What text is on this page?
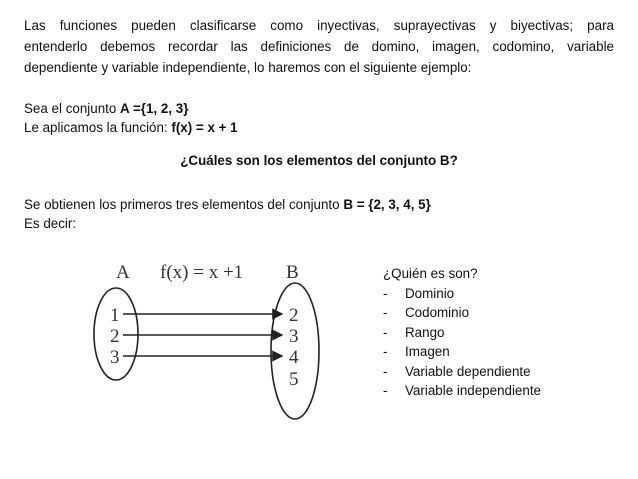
Las funciones pueden clasificarse como inyectivas, suprayectivas y biyectivas; para
entenderlo debemos recordar las definiciones de domino, imagen, codomino, variable
dependiente y variable independiente, lo haremos con el siguiente ejemplo:
Sea el conjunto A ={1, 2, 3}
Le aplicamos la función: f(x) = x + 1
¿Cuáles son los elementos del conjunto B?
Se obtienen los primeros tres elementos del conjunto B = {2, 3, 4, 5}
Es decir:
A f(x) = x +1 B
1
2
3
2
3
4
5
¿Quién es son?
- Dominio
- Codominio
- Rango
- Imagen
- Variable dependiente
- Variable independiente
